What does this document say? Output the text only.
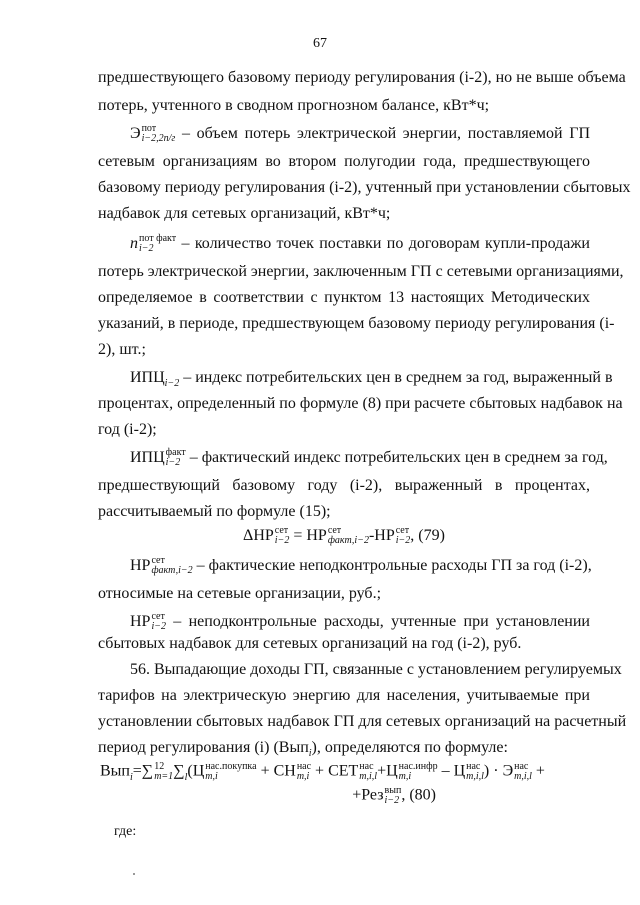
67
предшествующего базовому периоду регулирования (i-2), но не выше объема
потерь, учтенного в сводном прогнозном балансе, кВт*ч;
Э пот
i−2,2п/г – объем потерь электрической энергии, поставляемой ГП
сетевым организациям во втором полугодии года, предшествующего
базовому периоду регулирования (i-2), учтенный при установлении сбытовых
надбавок для сетевых организаций, кВт*ч;
n пот факт
i−2	– количество точек поставки по договорам купли-продажи
потерь электрической энергии, заключенным ГП с сетевыми организациями,
определяемое в соответствии с пунктом 13 настоящих Методических
указаний, в периоде, предшествующем базовому периоду регулирования (i-
2), шт.;
$ИПЦ_{i-2}$ – индекс потребительских цен в среднем за год, выраженный в
процентах, определенный по формуле (8) при расчете сбытовых надбавок на
год (i-2);
ИПЦ факт
i−2 – фактический индекс потребительских цен в среднем за год,
предшествующий базовому году (i-2), выраженный в процентах,
рассчитываемый по формуле (15);
ΔНР сет
i−2 = НР сет
факт,i−2 -НР сет
i−2 , (79)
НР сет
факт,i−2 – фактические неподконтрольные расходы ГП за год (i-2),
относимые на сетевые организации, руб.;
НР сет
i−2 – неподконтрольные расходы, учтенные при установлении
сбытовых надбавок для сетевых организаций на год (i-2), руб.
56. Выпадающие доходы ГП, связанные с установлением регулируемых
тарифов на электрическую энергию для населения, учитываемые при
установлении сбытовых надбавок ГП для сетевых организаций на расчетный
период регулирования (i) (Вып$_i$), определяются по формуле:
Вып$_i$=∑ 12
m=1 $\sum_l(Ц$ нас.покупка
m,i	+ СН нас
m,i + СЕТ нас
m,i,l +Ц нас.инфр
m,i	– Ц нас
m,i,l ) · Э нас
m,i,l +
+Рез вып
i−2 , (80)
где:
